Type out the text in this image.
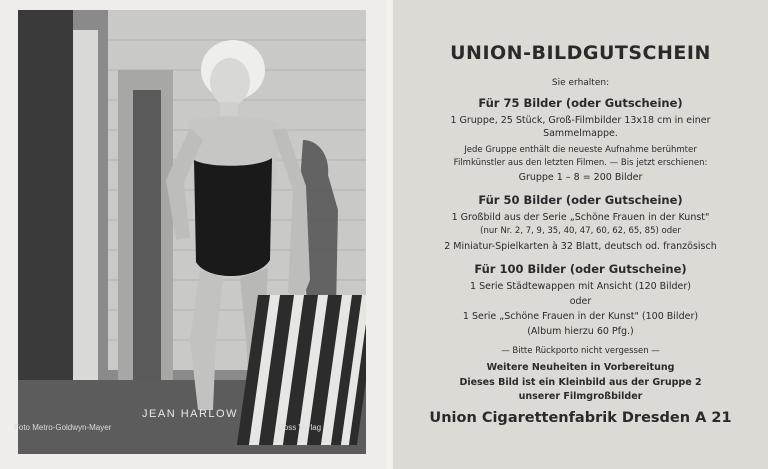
JEAN HARLOW
Foto Metro-Goldwyn-Mayer	Doss Verlag
UNION-BILDGUTSCHEIN
Sie erhalten:
Für 75 Bilder (oder Gutscheine)
1 Gruppe, 25 Stück, Groß-Filmbilder 13x18 cm in einer
Sammelmappe.
Jede Gruppe enthält die neueste Aufnahme berühmter
Filmkünstler aus den letzten Filmen. — Bis jetzt erschienen:
Gruppe 1 – 8 = 200 Bilder
Für 50 Bilder (oder Gutscheine)
1 Großbild aus der Serie „Schöne Frauen in der Kunst"
(nur Nr. 2, 7, 9, 35, 40, 47, 60, 62, 65, 85) oder
2 Miniatur-Spielkarten à 32 Blatt, deutsch od. französisch
Für 100 Bilder (oder Gutscheine)
1 Serie Städtewappen mit Ansicht (120 Bilder)
oder
1 Serie „Schöne Frauen in der Kunst" (100 Bilder)
(Album hierzu 60 Pfg.)
— Bitte Rückporto nicht vergessen —
Weitere Neuheiten in Vorbereitung
Dieses Bild ist ein Kleinbild aus der Gruppe 2
unserer Filmgroßbilder
Union Cigarettenfabrik Dresden A 21
